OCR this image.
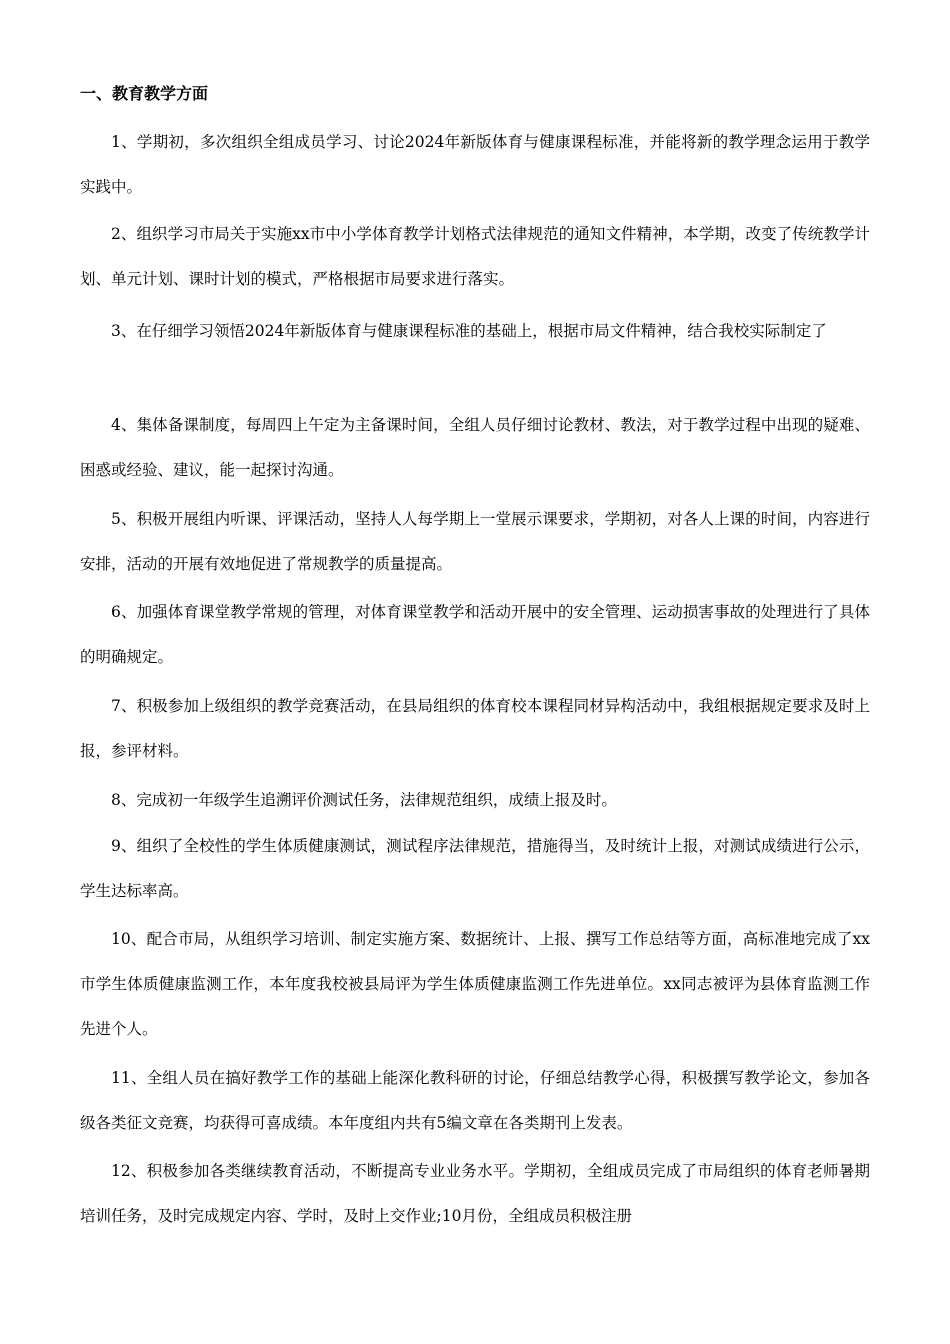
一、教育教学方面

1、学期初，多次组织全组成员学习、讨论2024年新版体育与健康课程标准，并能将新的教学理念运用于教学实践中。

2、组织学习市局关于实施xx市中小学体育教学计划格式法律规范的通知文件精神，本学期，改变了传统教学计划、单元计划、课时计划的模式，严格根据市局要求进行落实。

3、在仔细学习领悟2024年新版体育与健康课程标准的基础上，根据市局文件精神，结合我校实际制定了

4、集体备课制度，每周四上午定为主备课时间，全组人员仔细讨论教材、教法，对于教学过程中出现的疑难、困惑或经验、建议，能一起探讨沟通。

5、积极开展组内听课、评课活动，坚持人人每学期上一堂展示课要求，学期初，对各人上课的时间，内容进行安排，活动的开展有效地促进了常规教学的质量提高。

6、加强体育课堂教学常规的管理，对体育课堂教学和活动开展中的安全管理、运动损害事故的处理进行了具体的明确规定。

7、积极参加上级组织的教学竞赛活动，在县局组织的体育校本课程同材异构活动中，我组根据规定要求及时上报，参评材料。

8、完成初一年级学生追溯评价测试任务，法律规范组织，成绩上报及时。

9、组织了全校性的学生体质健康测试，测试程序法律规范，措施得当，及时统计上报，对测试成绩进行公示，学生达标率高。

10、配合市局，从组织学习培训、制定实施方案、数据统计、上报、撰写工作总结等方面，高标准地完成了xx市学生体质健康监测工作，本年度我校被县局评为学生体质健康监测工作先进单位。xx同志被评为县体育监测工作先进个人。

11、全组人员在搞好教学工作的基础上能深化教科研的讨论，仔细总结教学心得，积极撰写教学论文，参加各级各类征文竞赛，均获得可喜成绩。本年度组内共有5编文章在各类期刊上发表。

12、积极参加各类继续教育活动，不断提高专业业务水平。学期初，全组成员完成了市局组织的体育老师暑期培训任务，及时完成规定内容、学时，及时上交作业;10月份，全组成员积极注册
